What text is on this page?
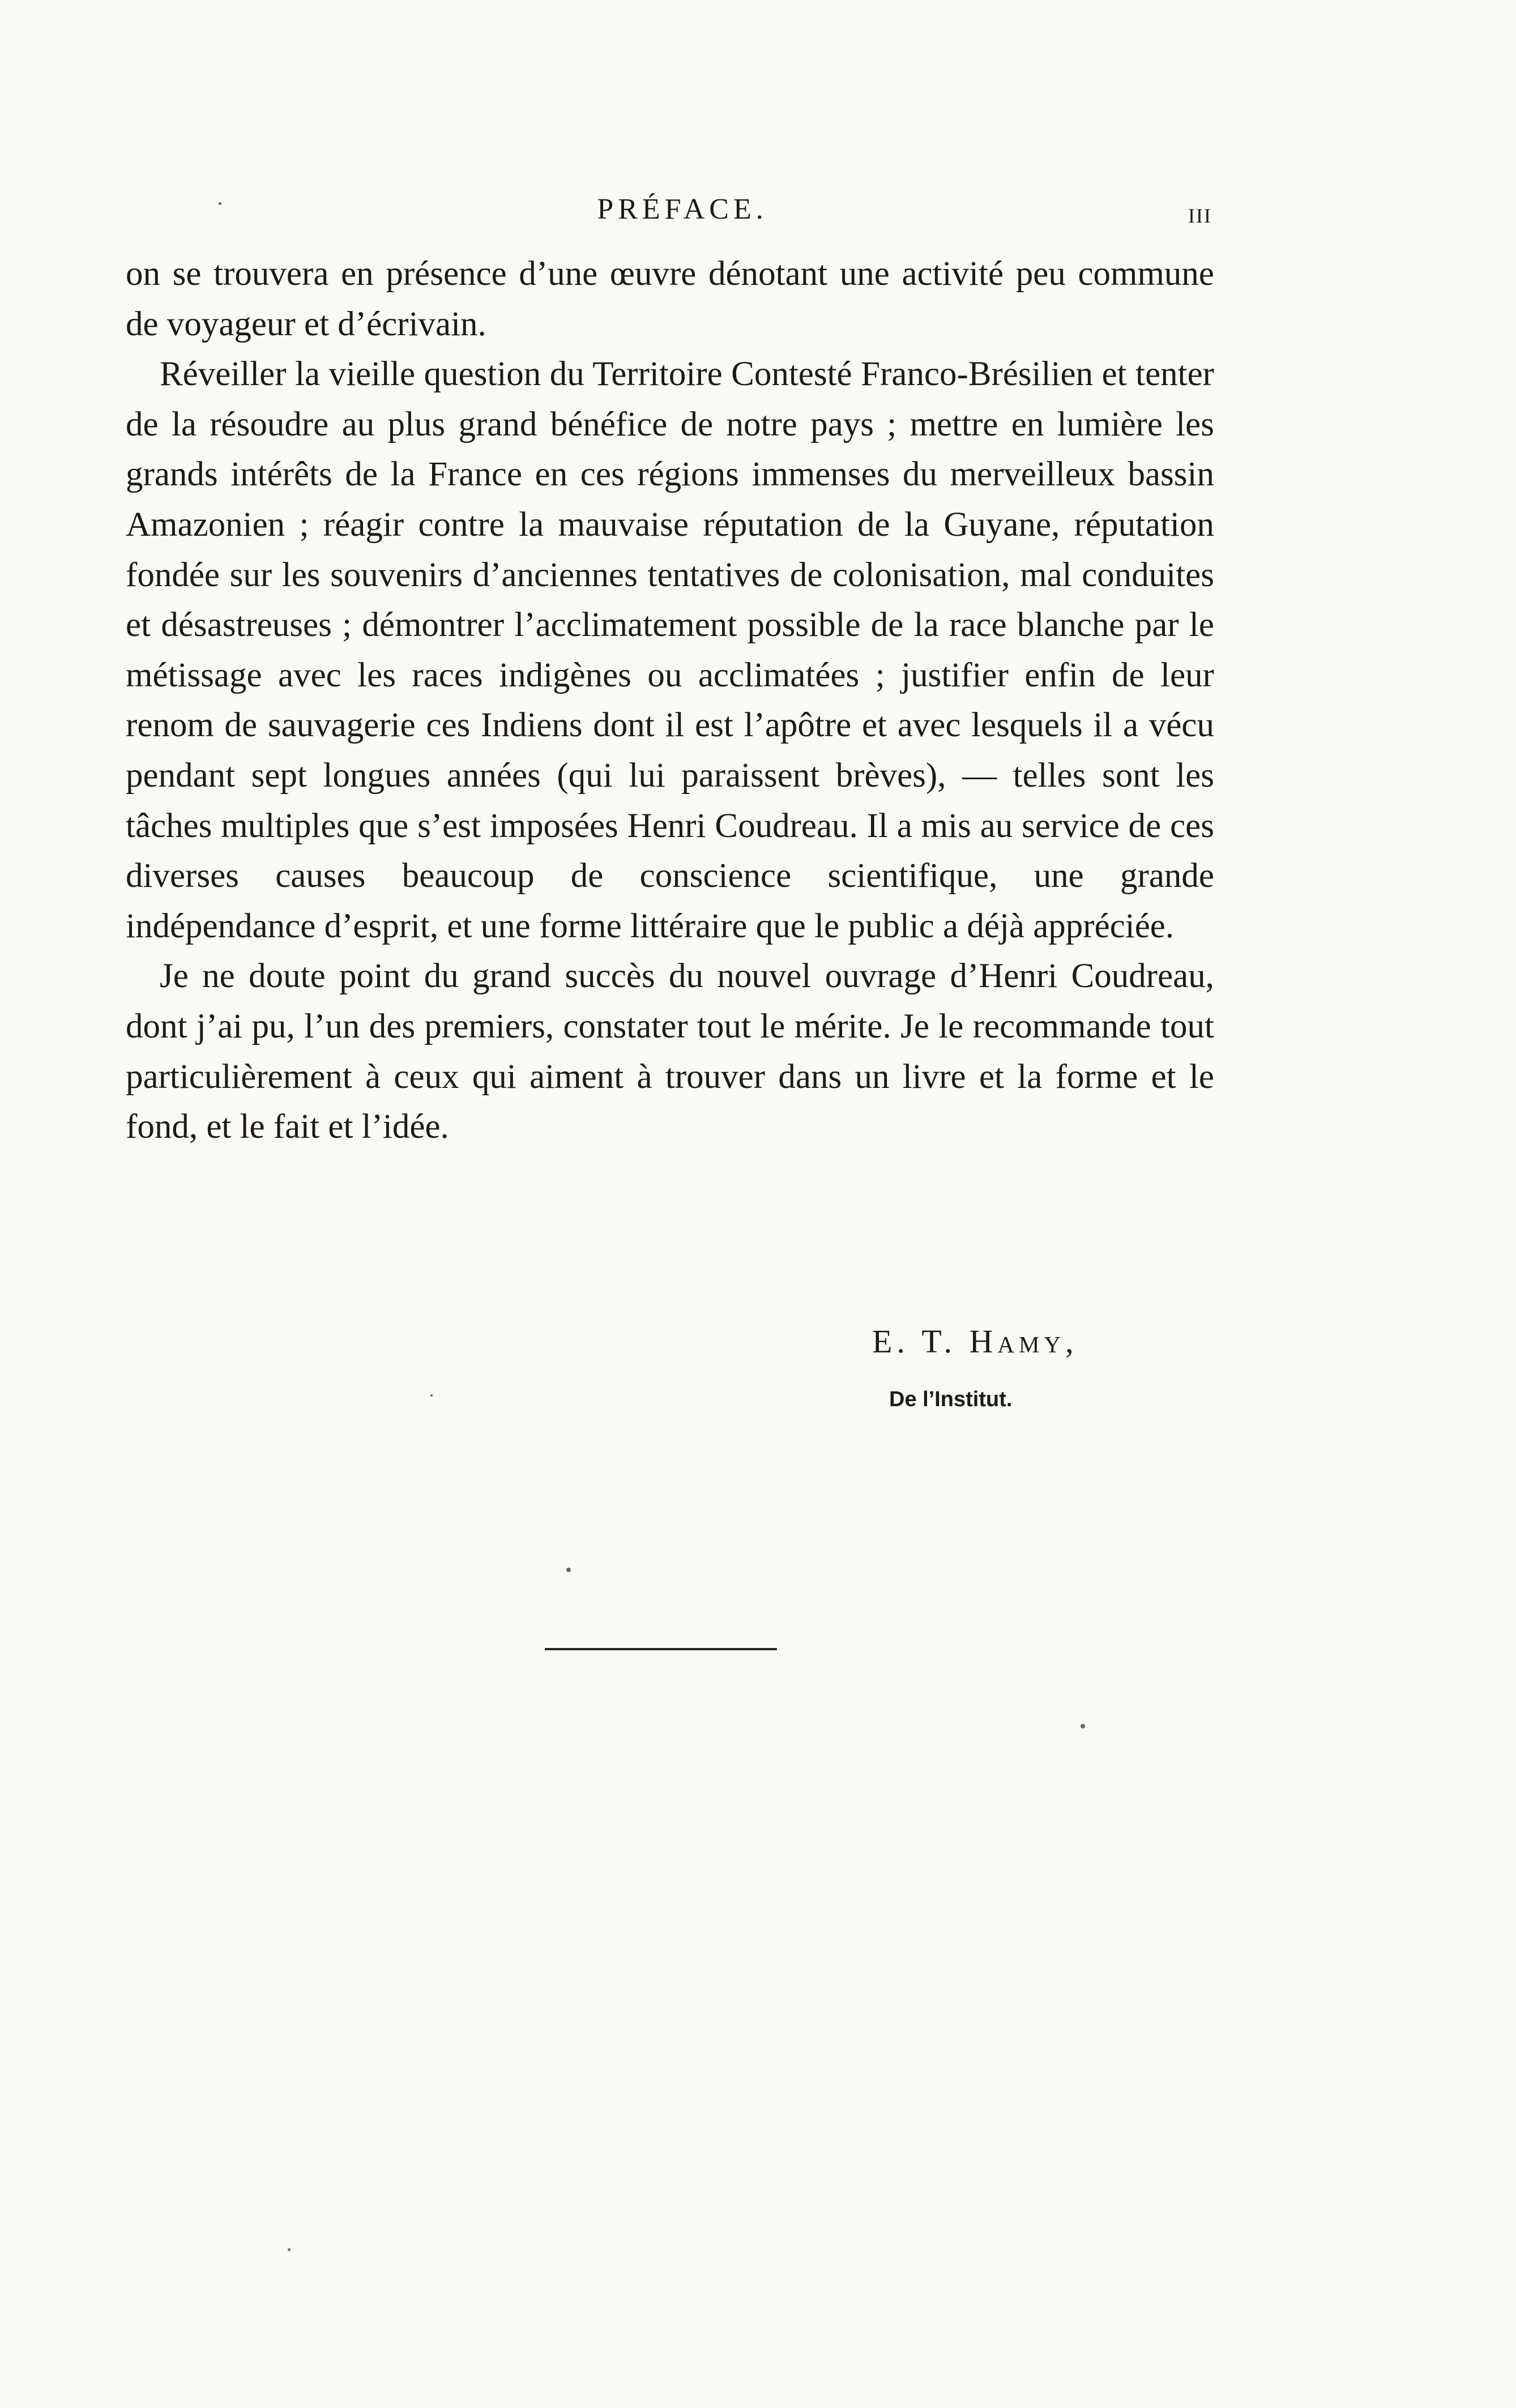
PRÉFACE.	III

on se trouvera en présence d’une œuvre dénotant une activité peu commune de voyageur et d’écrivain.

Réveiller la vieille question du Territoire Contesté Franco-Brésilien et tenter de la résoudre au plus grand bénéfice de notre pays ; mettre en lumière les grands intérêts de la France en ces régions immenses du merveilleux bassin Amazonien ; réagir contre la mauvaise réputation de la Guyane, réputation fondée sur les souvenirs d’anciennes tentatives de colonisation, mal conduites et désastreuses ; démontrer l’acclimatement possible de la race blanche par le métissage avec les races indigènes ou acclimatées ; justifier enfin de leur renom de sauvagerie ces Indiens dont il est l’apôtre et avec lesquels il a vécu pendant sept longues années (qui lui paraissent brèves), — telles sont les tâches multiples que s’est imposées Henri Coudreau. Il a mis au service de ces diverses causes beaucoup de conscience scientifique, une grande indépendance d’esprit, et une forme littéraire que le public a déjà appréciée.

Je ne doute point du grand succès du nouvel ouvrage d’Henri Coudreau, dont j’ai pu, l’un des premiers, constater tout le mérite. Je le recommande tout particulièrement à ceux qui aiment à trouver dans un livre et la forme et le fond, et le fait et l’idée.

E. T. Hamy,
De l’Institut.
